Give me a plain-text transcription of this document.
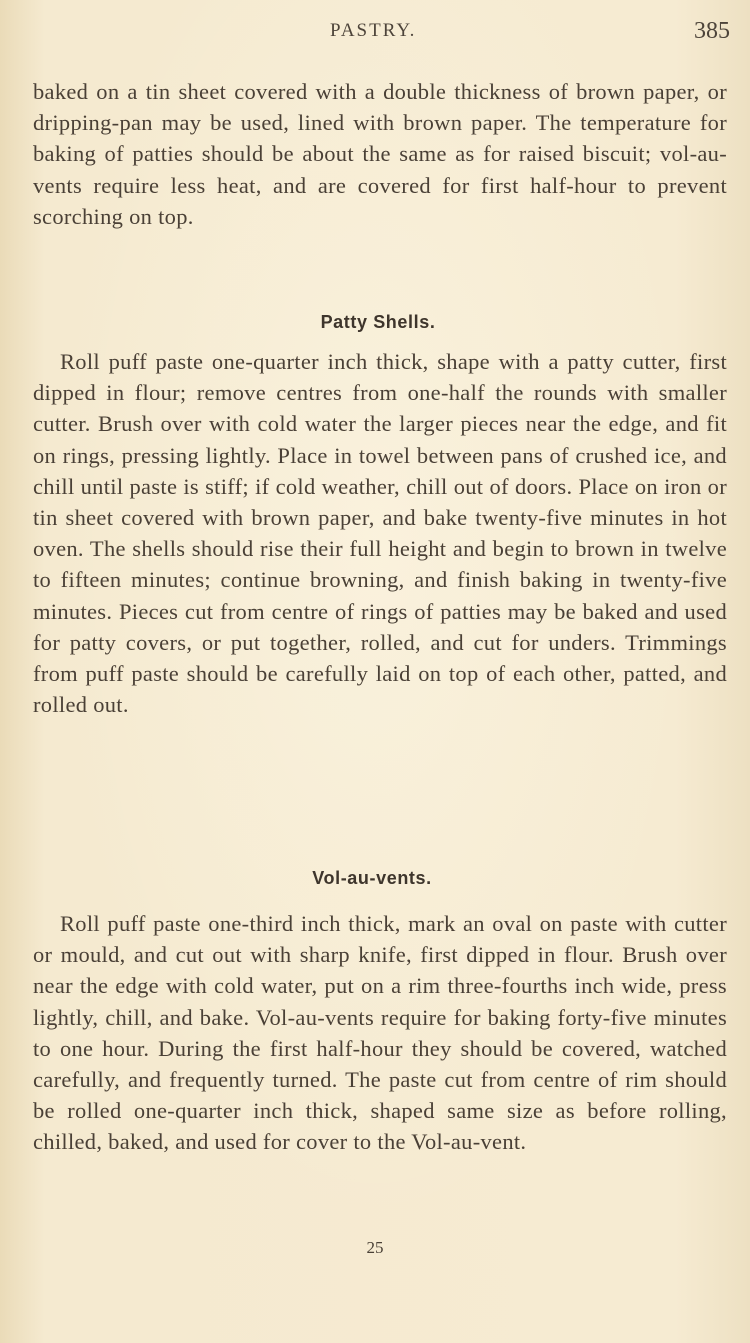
PASTRY.	385

baked on a tin sheet covered with a double thickness of brown paper, or dripping-pan may be used, lined with brown paper. The temperature for baking of patties should be about the same as for raised biscuit; vol-au-vents require less heat, and are covered for first half-hour to prevent scorching on top.

Patty Shells.

Roll puff paste one-quarter inch thick, shape with a patty cutter, first dipped in flour; remove centres from one-half the rounds with smaller cutter. Brush over with cold water the larger pieces near the edge, and fit on rings, pressing lightly. Place in towel between pans of crushed ice, and chill until paste is stiff; if cold weather, chill out of doors. Place on iron or tin sheet covered with brown paper, and bake twenty-five minutes in hot oven. The shells should rise their full height and begin to brown in twelve to fifteen minutes; continue browning, and finish baking in twenty-five minutes. Pieces cut from centre of rings of patties may be baked and used for patty covers, or put together, rolled, and cut for unders. Trimmings from puff paste should be carefully laid on top of each other, patted, and rolled out.

Vol-au-vents.

Roll puff paste one-third inch thick, mark an oval on paste with cutter or mould, and cut out with sharp knife, first dipped in flour. Brush over near the edge with cold water, put on a rim three-fourths inch wide, press lightly, chill, and bake. Vol-au-vents require for baking forty-five minutes to one hour. During the first half-hour they should be covered, watched carefully, and frequently turned. The paste cut from centre of rim should be rolled one-quarter inch thick, shaped same size as before rolling, chilled, baked, and used for cover to the Vol-au-vent.

25
